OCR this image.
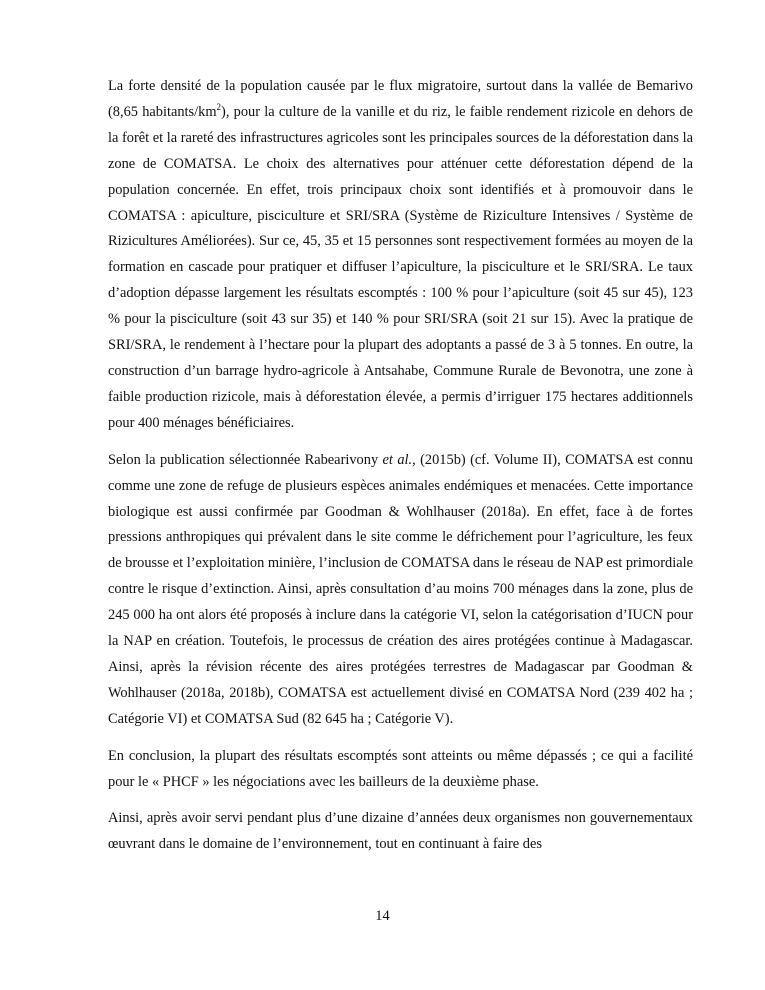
La forte densité de la population causée par le flux migratoire, surtout dans la vallée de Bemarivo (8,65 habitants/$km^2$), pour la culture de la vanille et du riz, le faible rendement rizicole en dehors de la forêt et la rareté des infrastructures agricoles sont les principales sources de la déforestation dans la zone de COMATSA. Le choix des alternatives pour atténuer cette déforestation dépend de la population concernée. En effet, trois principaux choix sont identifiés et à promouvoir dans le COMATSA : apiculture, pisciculture et SRI/SRA (Système de Riziculture Intensives / Système de Rizicultures Améliorées). Sur ce, 45, 35 et 15 personnes sont respectivement formées au moyen de la formation en cascade pour pratiquer et diffuser l’apiculture, la pisciculture et le SRI/SRA. Le taux d’adoption dépasse largement les résultats escomptés : 100 % pour l’apiculture (soit 45 sur 45), 123 % pour la pisciculture (soit 43 sur 35) et 140 % pour SRI/SRA (soit 21 sur 15). Avec la pratique de SRI/SRA, le rendement à l’hectare pour la plupart des adoptants a passé de 3 à 5 tonnes. En outre, la construction d’un barrage hydro-agricole à Antsahabe, Commune Rurale de Bevonotra, une zone à faible production rizicole, mais à déforestation élevée, a permis d’irriguer 175 hectares additionnels pour 400 ménages bénéficiaires.

Selon la publication sélectionnée Rabearivony et al., (2015b) (cf. Volume II), COMATSA est connu comme une zone de refuge de plusieurs espèces animales endémiques et menacées. Cette importance biologique est aussi confirmée par Goodman & Wohlhauser (2018a). En effet, face à de fortes pressions anthropiques qui prévalent dans le site comme le défrichement pour l’agriculture, les feux de brousse et l’exploitation minière, l’inclusion de COMATSA dans le réseau de NAP est primordiale contre le risque d’extinction. Ainsi, après consultation d’au moins 700 ménages dans la zone, plus de 245 000 ha ont alors été proposés à inclure dans la catégorie VI, selon la catégorisation d’IUCN pour la NAP en création. Toutefois, le processus de création des aires protégées continue à Madagascar. Ainsi, après la révision récente des aires protégées terrestres de Madagascar par Goodman & Wohlhauser (2018a, 2018b), COMATSA est actuellement divisé en COMATSA Nord (239 402 ha ; Catégorie VI) et COMATSA Sud (82 645 ha ; Catégorie V).

En conclusion, la plupart des résultats escomptés sont atteints ou même dépassés ; ce qui a facilité pour le « PHCF » les négociations avec les bailleurs de la deuxième phase.

Ainsi, après avoir servi pendant plus d’une dizaine d’années deux organismes non gouvernementaux œuvrant dans le domaine de l’environnement, tout en continuant à faire des

14
